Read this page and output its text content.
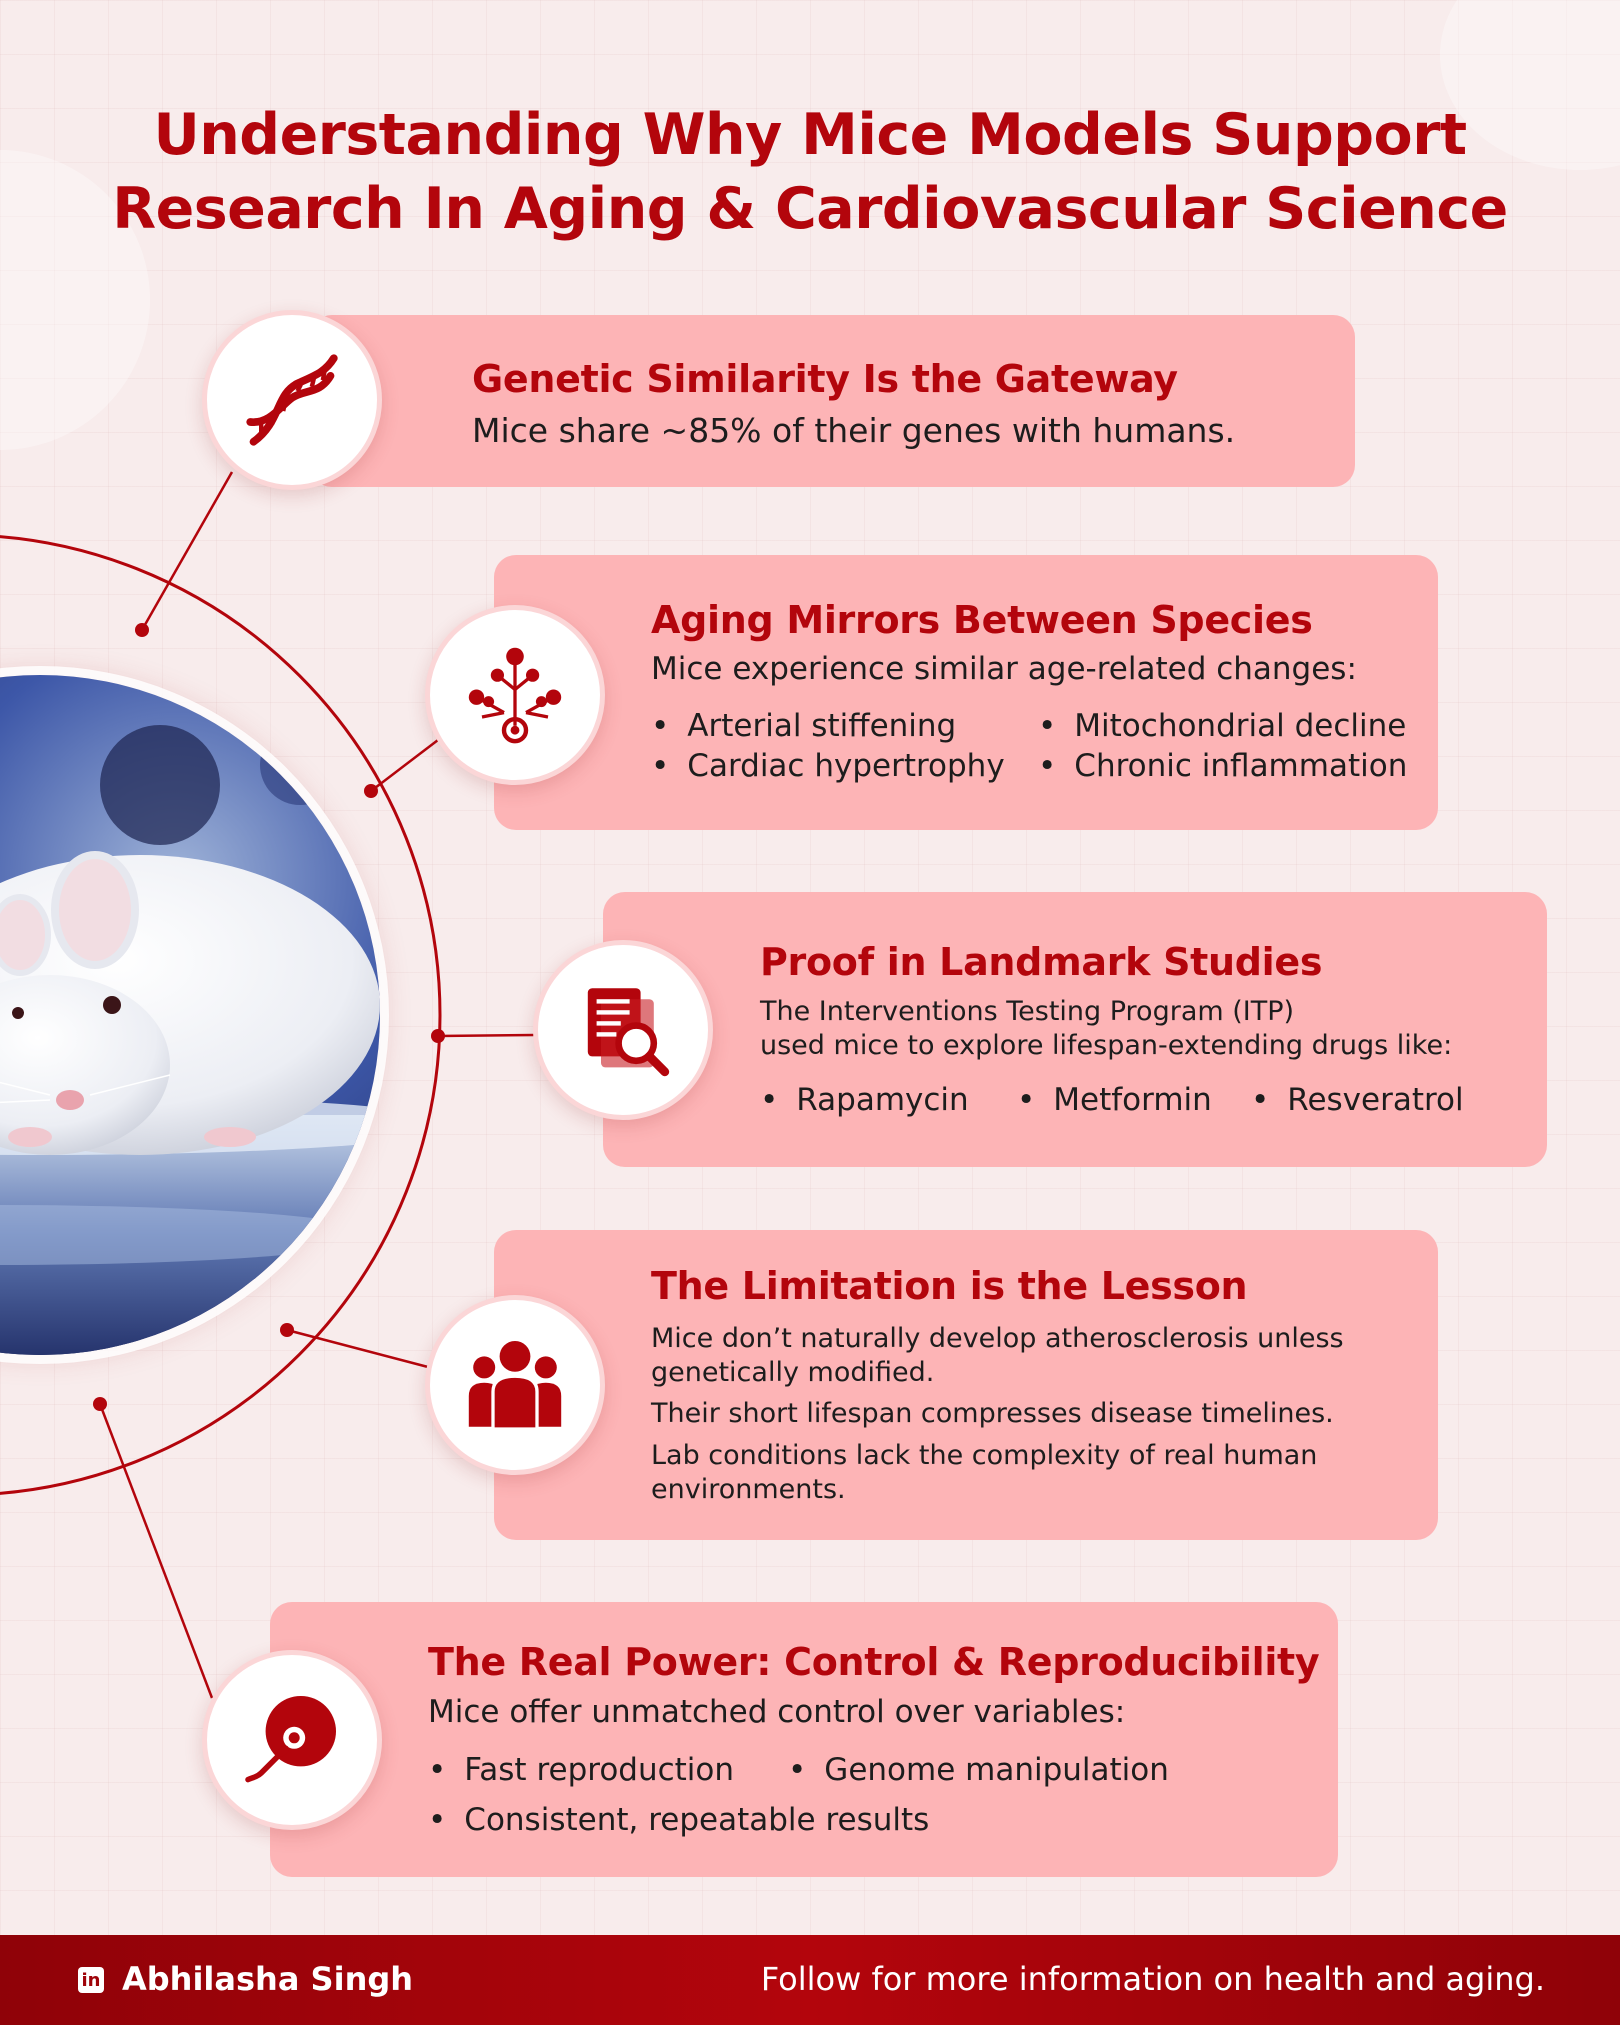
Understanding Why Mice Models Support
Research In Aging & Cardiovascular Science

Genetic Similarity Is the Gateway

Mice share ~85% of their genes with humans.

Aging Mirrors Between Species

Mice experience similar age-related changes:

• Arterial stiffening	• Mitochondrial decline

• Cardiac hypertrophy	• Chronic inflammation

Proof in Landmark Studies

The Interventions Testing Program (ITP)

used mice to explore lifespan-extending drugs like:

• Rapamycin	• Metformin	• Resveratrol

The Limitation is the Lesson

Mice don’t naturally develop atherosclerosis unless

genetically modified.

Their short lifespan compresses disease timelines.

Lab conditions lack the complexity of real human

environments.

The Real Power: Control & Reproducibility

Mice offer unmatched control over variables:

• Fast reproduction	• Genome manipulation

• Consistent, repeatable results

in Abhilasha Singh	Follow for more information on health and aging.
